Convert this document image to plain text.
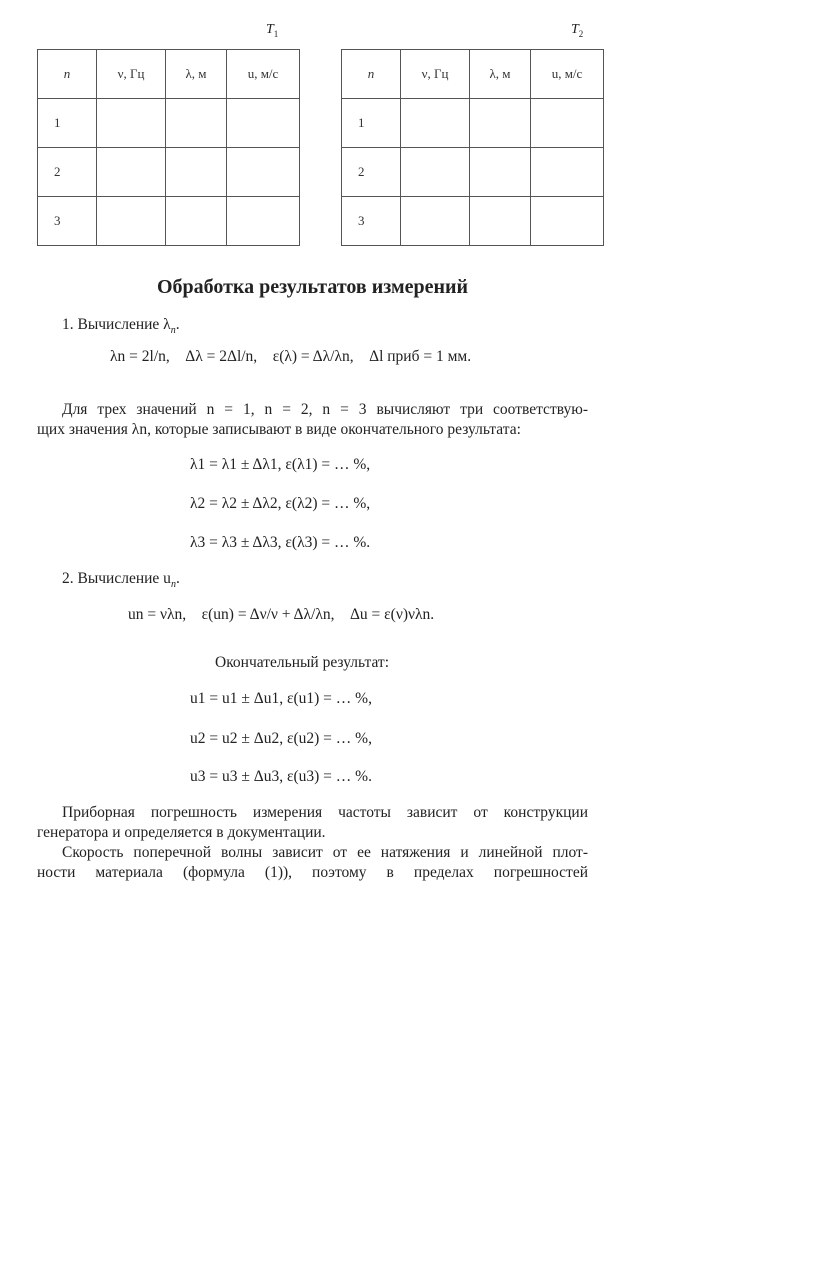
$T_1$	$T_2$
n	ν, Гц	λ, м	u, м/с
1			
2			
3			
n	ν, Гц	λ, м	u, м/с
1			
2			
3			
Обработка результатов измерений
1. Вычисление $\lambda_n$.
λn = 2l/n, Δλ = 2Δl/n, ε(λ) = Δλ/λn, Δl приб = 1 мм.
Для трех значений n = 1, n = 2, n = 3 вычисляют три соответствую-
щих значения λn, которые записывают в виде окончательного результата:
λ1 = λ1 ± Δλ1, ε(λ1) = … %,
λ2 = λ2 ± Δλ2, ε(λ2) = … %,
λ3 = λ3 ± Δλ3, ε(λ3) = … %.
2. Вычисление $u_n$.
un = νλn, ε(un) = Δν/ν + Δλ/λn, Δu = ε(ν)νλn.
Окончательный результат:
u1 = u1 ± Δu1, ε(u1) = … %,
u2 = u2 ± Δu2, ε(u2) = … %,
u3 = u3 ± Δu3, ε(u3) = … %.
Приборная погрешность измерения частоты зависит от конструкции
генератора и определяется в документации.
Скорость поперечной волны зависит от ее натяжения и линейной плот-
ности материала (формула (1)), поэтому в пределах погрешностей
